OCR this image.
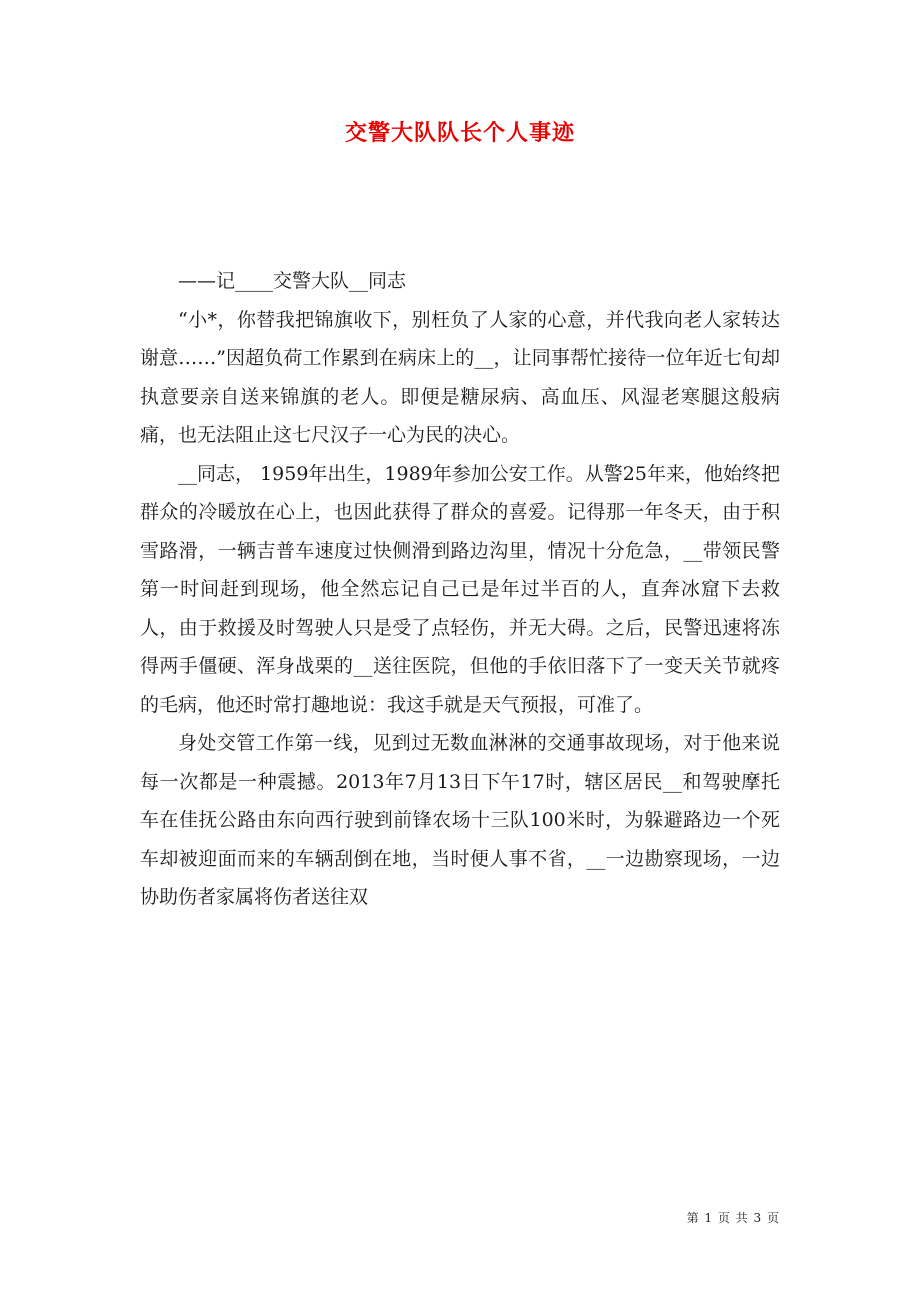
交警大队队长个人事迹

——记____交警大队__同志

“小*，你替我把锦旗收下，别枉负了人家的心意，并代我向老人家转达谢意……”因超负荷工作累到在病床上的__，让同事帮忙接待一位年近七旬却执意要亲自送来锦旗的老人。即便是糖尿病、高血压、风湿老寒腿这般病痛，也无法阻止这七尺汉子一心为民的决心。

__同志， 1959年出生，1989年参加公安工作。从警25年来，他始终把群众的冷暖放在心上，也因此获得了群众的喜爱。记得那一年冬天，由于积雪路滑，一辆吉普车速度过快侧滑到路边沟里，情况十分危急，__带领民警第一时间赶到现场，他全然忘记自己已是年过半百的人，直奔冰窟下去救人，由于救援及时驾驶人只是受了点轻伤，并无大碍。之后，民警迅速将冻得两手僵硬、浑身战栗的__送往医院，但他的手依旧落下了一变天关节就疼的毛病，他还时常打趣地说：我这手就是天气预报，可准了。

身处交管工作第一线，见到过无数血淋淋的交通事故现场，对于他来说每一次都是一种震撼。2013年7月13日下午17时，辖区居民__和驾驶摩托车在佳抚公路由东向西行驶到前锋农场十三队100米时，为躲避路边一个死车却被迎面而来的车辆刮倒在地，当时便人事不省，__一边勘察现场，一边协助伤者家属将伤者送往双

第 1 页 共 3 页
